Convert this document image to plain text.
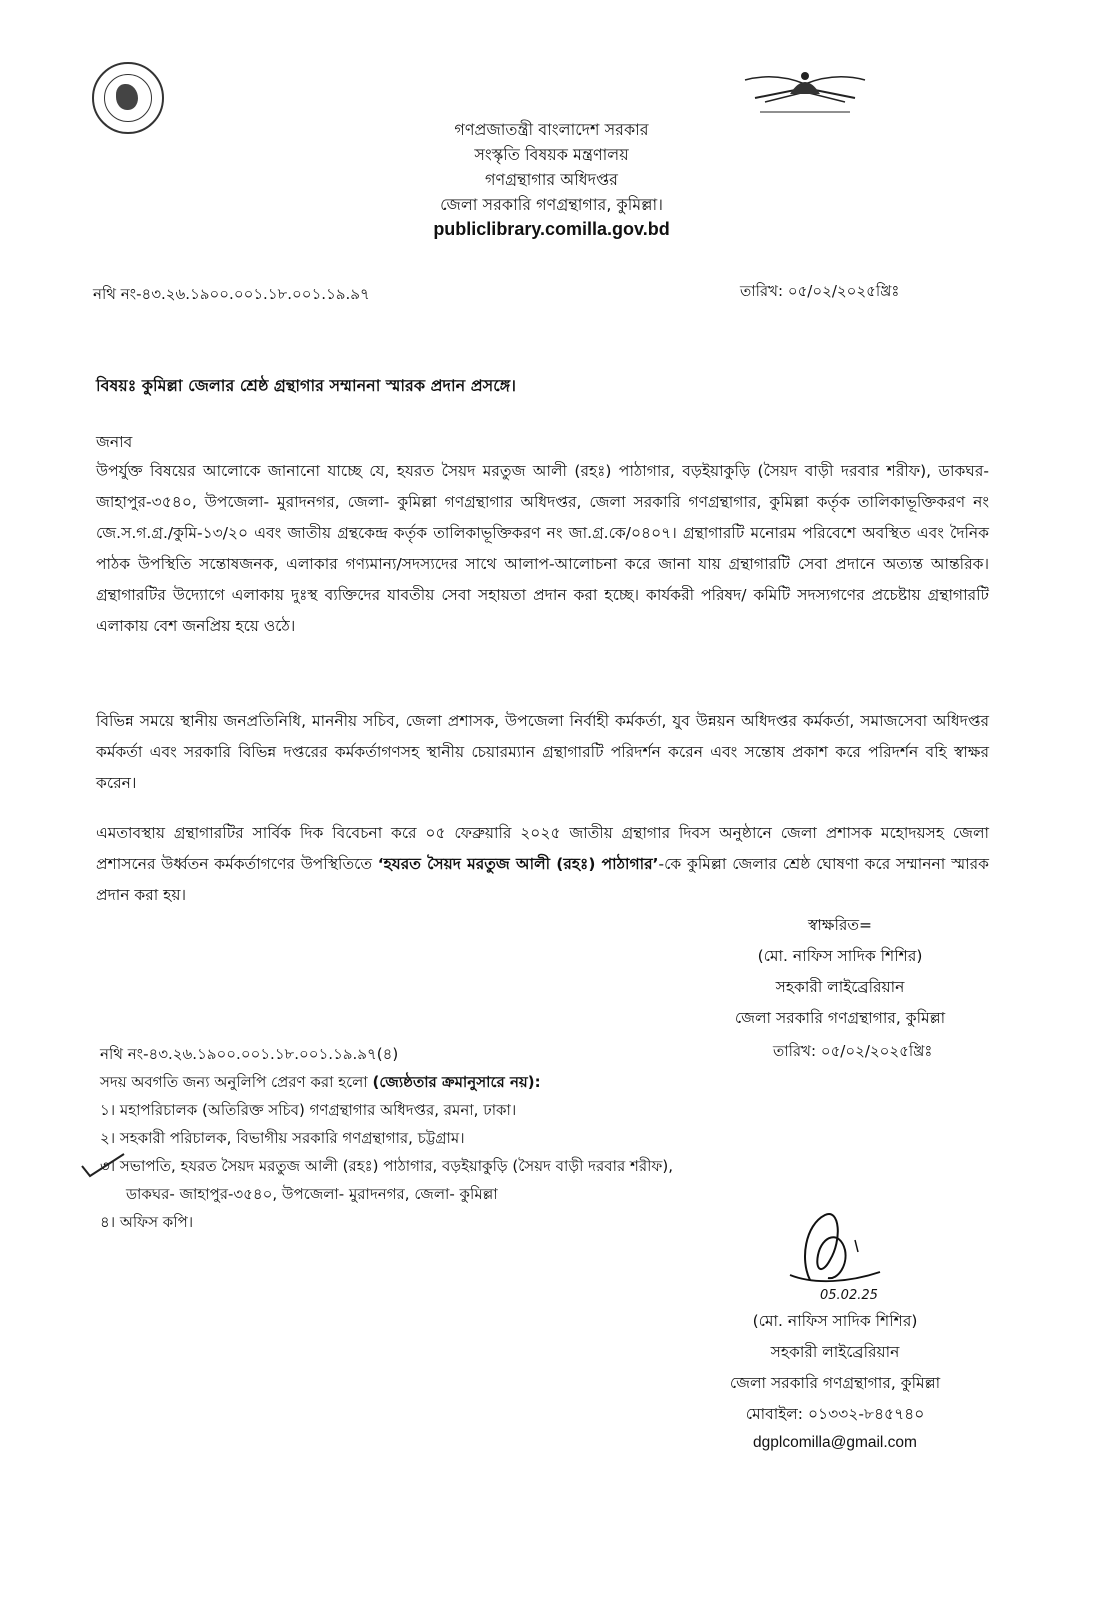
গণপ্রজাতন্ত্রী বাংলাদেশ সরকার
সংস্কৃতি বিষয়ক মন্ত্রণালয়
গণগ্রন্থাগার অধিদপ্তর
জেলা সরকারি গণগ্রন্থাগার, কুমিল্লা।
publiclibrary.comilla.gov.bd
নথি নং-৪৩.২৬.১৯০০.০০১.১৮.০০১.১৯.৯৭	তারিখ: ০৫/০২/২০২৫খ্রিঃ
বিষয়ঃ কুমিল্লা জেলার শ্রেষ্ঠ গ্রন্থাগার সম্মাননা স্মারক প্রদান প্রসঙ্গে।
জনাব
উপর্যুক্ত বিষয়ের আলোকে জানানো যাচ্ছে যে, হযরত সৈয়দ মরতুজ আলী (রহঃ) পাঠাগার, বড়ইয়াকুড়ি (সৈয়দ বাড়ী দরবার শরীফ), ডাকঘর- জাহাপুর-৩৫৪০, উপজেলা- মুরাদনগর, জেলা- কুমিল্লা গণগ্রন্থাগার অধিদপ্তর, জেলা সরকারি গণগ্রন্থাগার, কুমিল্লা কর্তৃক তালিকাভূক্তিকরণ নং জে.স.গ.গ্র./কুমি-১৩/২০ এবং জাতীয় গ্রন্থকেন্দ্র কর্তৃক তালিকাভূক্তিকরণ নং জা.গ্র.কে/০৪০৭। গ্রন্থাগারটি মনোরম পরিবেশে অবস্থিত এবং দৈনিক পাঠক উপস্থিতি সন্তোষজনক, এলাকার গণ্যমান্য/সদস্যদের সাথে আলাপ-আলোচনা করে জানা যায় গ্রন্থাগারটি সেবা প্রদানে অত্যন্ত আন্তরিক। গ্রন্থাগারটির উদ্যোগে এলাকায় দুঃস্থ ব্যক্তিদের যাবতীয় সেবা সহায়তা প্রদান করা হচ্ছে। কার্যকরী পরিষদ/ কমিটি সদস্যগণের প্রচেষ্টায় গ্রন্থাগারটি এলাকায় বেশ জনপ্রিয় হয়ে ওঠে।
বিভিন্ন সময়ে স্থানীয় জনপ্রতিনিধি, মাননীয় সচিব, জেলা প্রশাসক, উপজেলা নির্বাহী কর্মকর্তা, যুব উন্নয়ন অধিদপ্তর কর্মকর্তা, সমাজসেবা অধিদপ্তর কর্মকর্তা এবং সরকারি বিভিন্ন দপ্তরের কর্মকর্তাগণসহ স্থানীয় চেয়ারম্যান গ্রন্থাগারটি পরিদর্শন করেন এবং সন্তোষ প্রকাশ করে পরিদর্শন বহি স্বাক্ষর করেন।
এমতাবস্থায় গ্রন্থাগারটির সার্বিক দিক বিবেচনা করে ০৫ ফেব্রুয়ারি ২০২৫ জাতীয় গ্রন্থাগার দিবস অনুষ্ঠানে জেলা প্রশাসক মহোদয়সহ জেলা প্রশাসনের উর্ধ্বতন কর্মকর্তাগণের উপস্থিতিতে ‘হযরত সৈয়দ মরতুজ আলী (রহঃ) পাঠাগার’-কে কুমিল্লা জেলার শ্রেষ্ঠ ঘোষণা করে সম্মাননা স্মারক প্রদান করা হয়।
স্বাক্ষরিত=
(মো. নাফিস সাদিক শিশির)
সহকারী লাইব্রেরিয়ান
জেলা সরকারি গণগ্রন্থাগার, কুমিল্লা
নথি নং-৪৩.২৬.১৯০০.০০১.১৮.০০১.১৯.৯৭(৪)	তারিখ: ০৫/০২/২০২৫খ্রিঃ
সদয় অবগতি জন্য অনুলিপি প্রেরণ করা হলো (জ্যেষ্ঠতার ক্রমানুসারে নয়):
১। মহাপরিচালক (অতিরিক্ত সচিব) গণগ্রন্থাগার অধিদপ্তর, রমনা, ঢাকা।
২। সহকারী পরিচালক, বিভাগীয় সরকারি গণগ্রন্থাগার, চট্টগ্রাম।
৩। সভাপতি, হযরত সৈয়দ মরতুজ আলী (রহঃ) পাঠাগার, বড়ইয়াকুড়ি (সৈয়দ বাড়ী দরবার শরীফ),
ডাকঘর- জাহাপুর-৩৫৪০, উপজেলা- মুরাদনগর, জেলা- কুমিল্লা
৪। অফিস কপি।
05.02.25
(মো. নাফিস সাদিক শিশির)
সহকারী লাইব্রেরিয়ান
জেলা সরকারি গণগ্রন্থাগার, কুমিল্লা
মোবাইল: ০১৩৩২-৮৪৫৭৪০
dgplcomilla@gmail.com
